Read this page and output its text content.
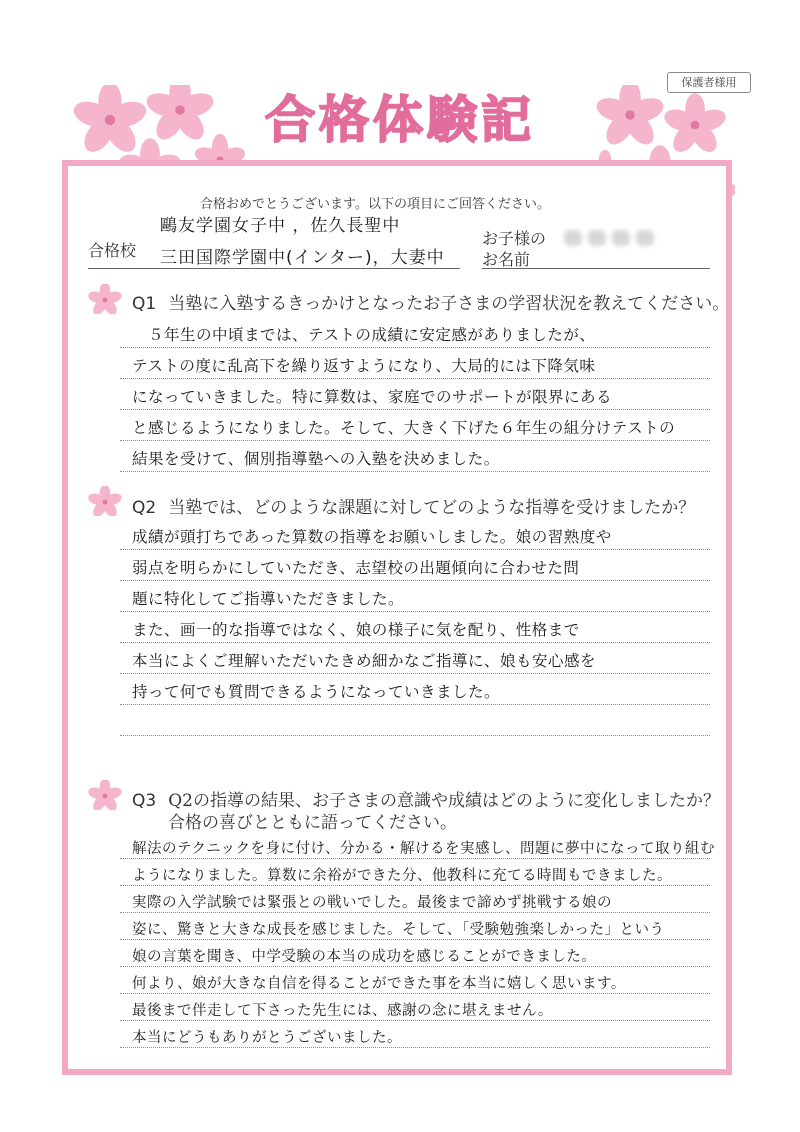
保護者様用
合格体験記
合格おめでとうございます。以下の項目にご回答ください。
合格校
鷗友学園女子中 ，佐久長聖中
三田国際学園中(インター)，大妻中
お子様の
お名前
Q1 当塾に入塾するきっかけとなったお子さまの学習状況を教えてください。
５年生の中頃までは、テストの成績に安定感がありましたが、
テストの度に乱高下を繰り返すようになり、大局的には下降気味
になっていきました。特に算数は、家庭でのサポートが限界にある
と感じるようになりました。そして、大きく下げた６年生の組分けテストの
結果を受けて、個別指導塾への入塾を決めました。
Q2 当塾では、どのような課題に対してどのような指導を受けましたか？
成績が頭打ちであった算数の指導をお願いしました。娘の習熟度や
弱点を明らかにしていただき、志望校の出題傾向に合わせた問
題に特化してご指導いただきました。
また、画一的な指導ではなく、娘の様子に気を配り、性格まで
本当によくご理解いただいたきめ細かなご指導に、娘も安心感を
持って何でも質問できるようになっていきました。
Q3 Q2の指導の結果、お子さまの意識や成績はどのように変化しましたか？
合格の喜びとともに語ってください。
解法のテクニックを身に付け、分かる・解けるを実感し、問題に夢中になって取り組む
ようになりました。算数に余裕ができた分、他教科に充てる時間もできました。
実際の入学試験では緊張との戦いでした。最後まで諦めず挑戦する娘の
姿に、驚きと大きな成長を感じました。そして、「受験勉強楽しかった」という
娘の言葉を聞き、中学受験の本当の成功を感じることができました。
何より、娘が大きな自信を得ることができた事を本当に嬉しく思います。
最後まで伴走して下さった先生には、感謝の念に堪えません。
本当にどうもありがとうございました。
